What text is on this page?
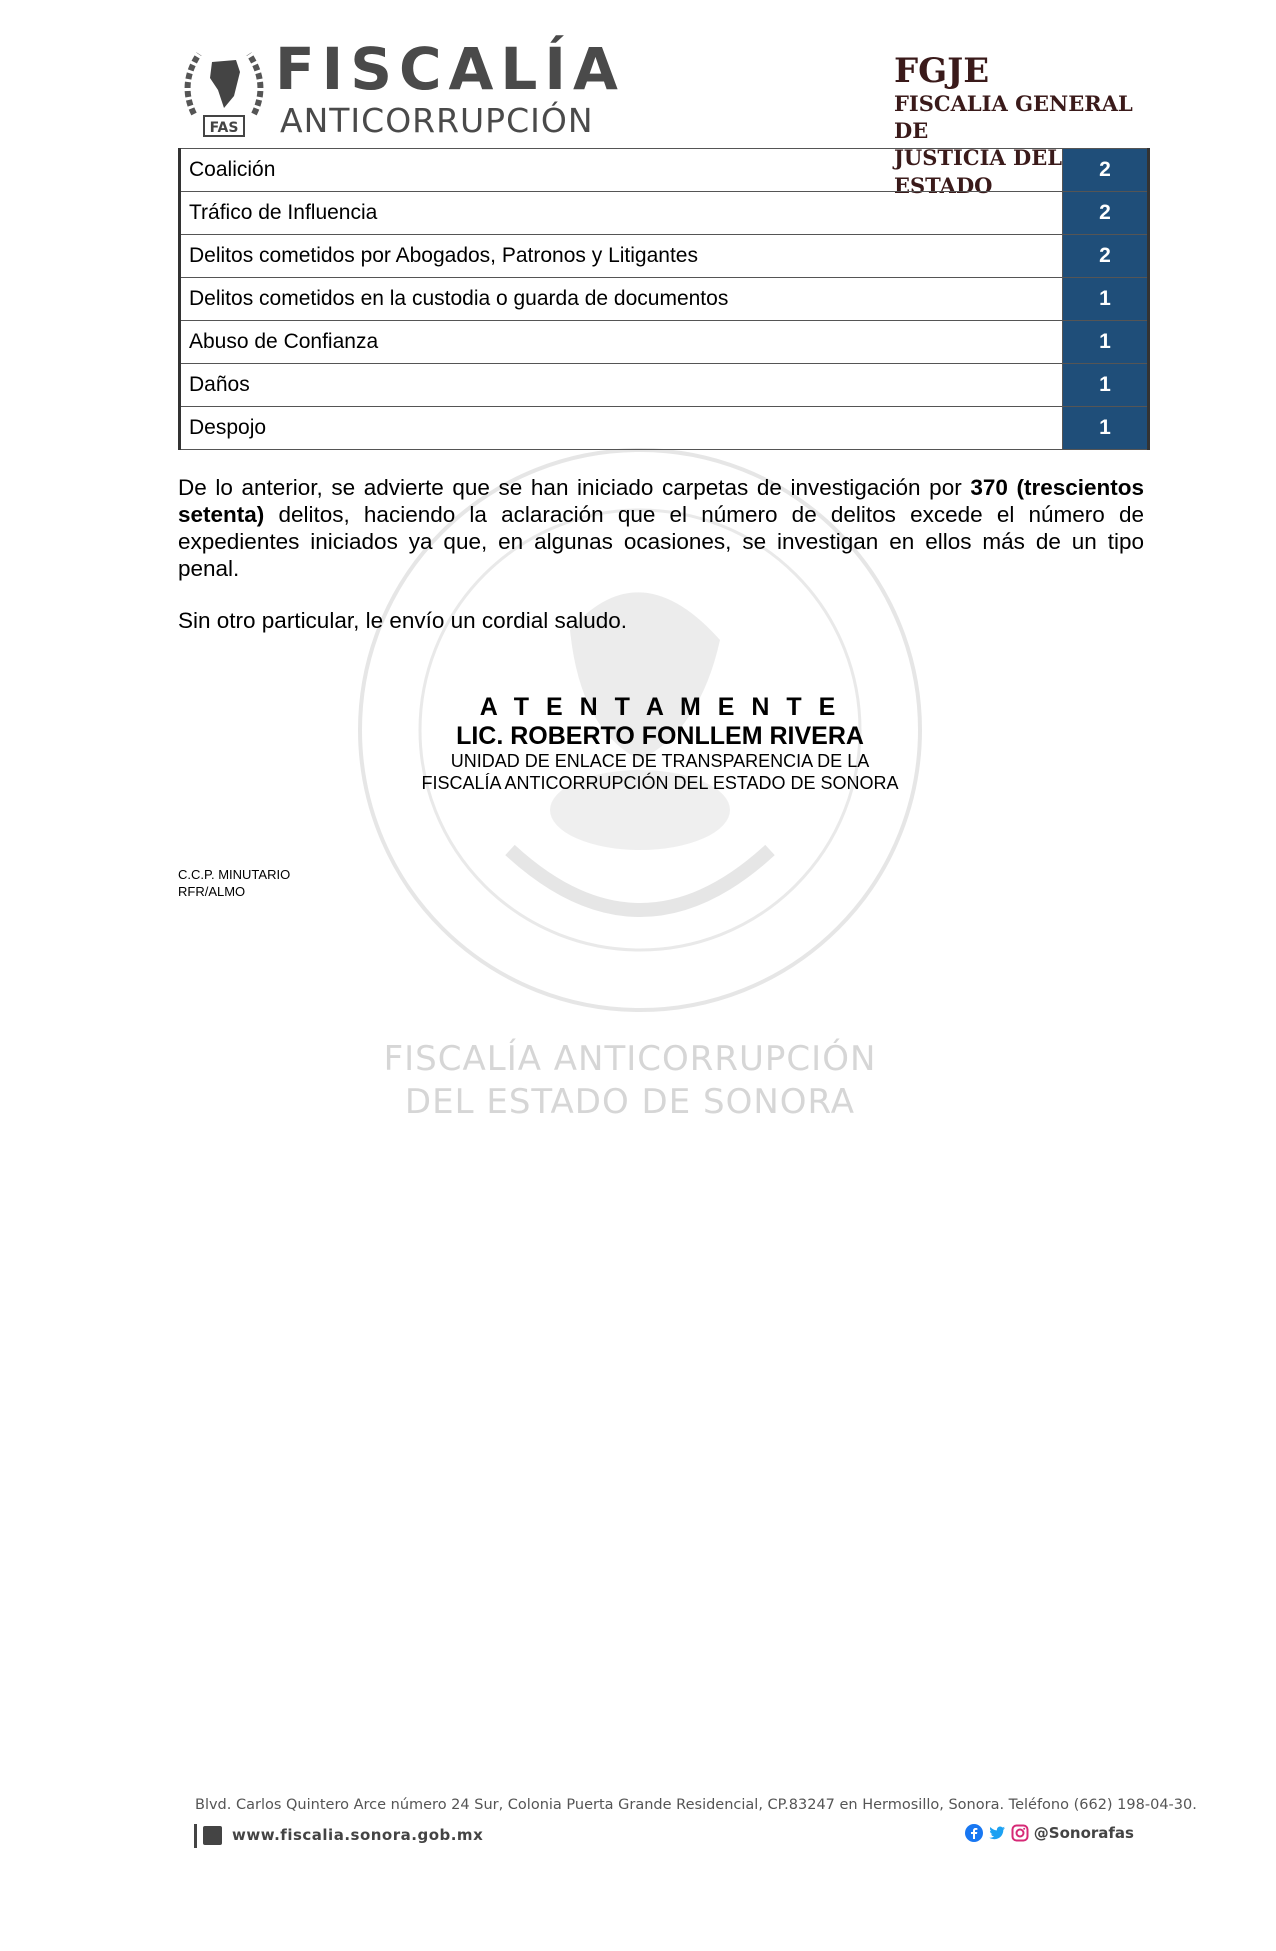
FISCALÍA ANTICORRUPCIÓN
DEL ESTADO DE SONORA
FAS
FISCALÍA
ANTICORRUPCIÓN
FGJE
FISCALIA GENERAL DE
JUSTICIA DEL ESTADO
Coalición	2
Tráfico de Influencia	2
Delitos cometidos por Abogados, Patronos y Litigantes	2
Delitos cometidos en la custodia o guarda de documentos	1
Abuso de Confianza	1
Daños	1
Despojo	1
De lo anterior, se advierte que se han iniciado carpetas de investigación por 370 (trescientos setenta) delitos, haciendo la aclaración que el número de delitos excede el número de expedientes iniciados ya que, en algunas ocasiones, se investigan en ellos más de un tipo penal.
Sin otro particular, le envío un cordial saludo.
A T E N T A M E N T E
LIC. ROBERTO FONLLEM RIVERA
UNIDAD DE ENLACE DE TRANSPARENCIA DE LA
FISCALÍA ANTICORRUPCIÓN DEL ESTADO DE SONORA
C.C.P. MINUTARIO
RFR/ALMO
Blvd. Carlos Quintero Arce número 24 Sur, Colonia Puerta Grande Residencial, CP.83247 en Hermosillo, Sonora. Teléfono (662) 198-04-30.
www.fiscalia.sonora.gob.mx	@Sonorafas
